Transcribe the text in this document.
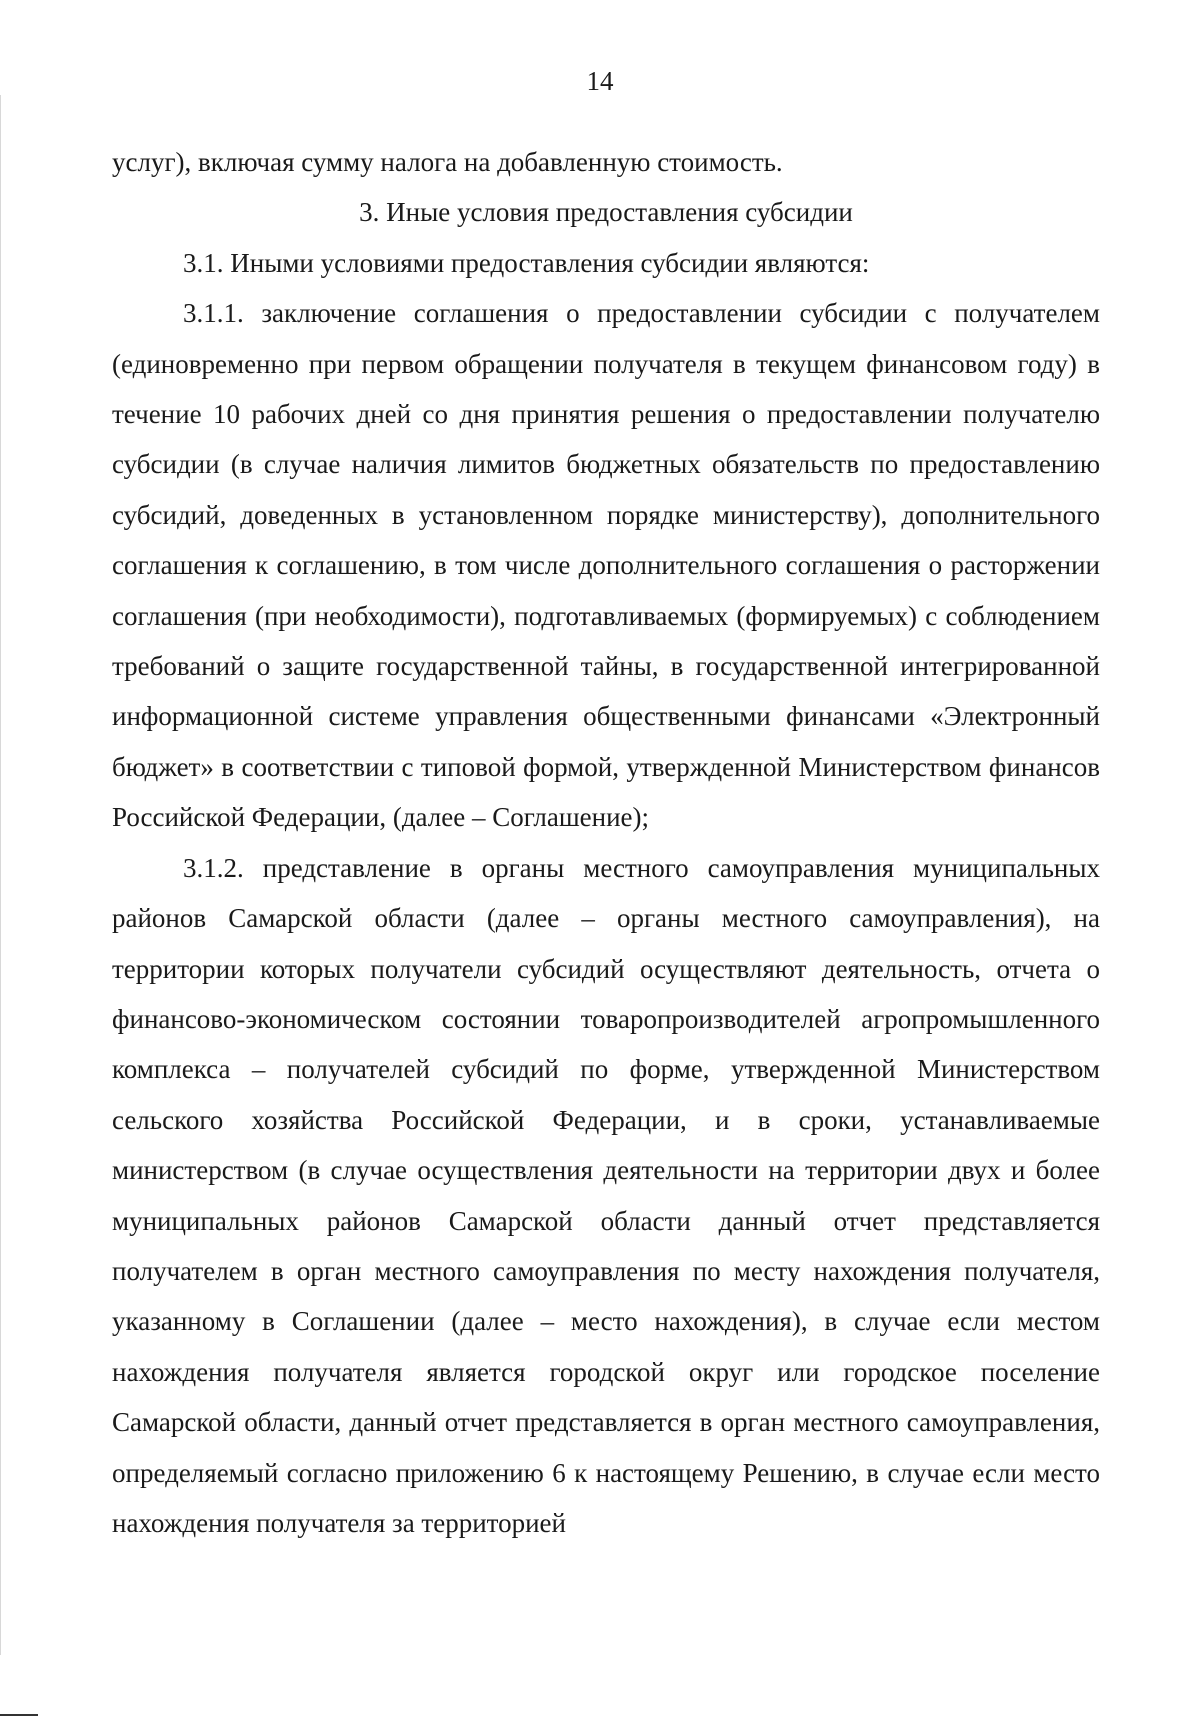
14

услуг), включая сумму налога на добавленную стоимость.

3. Иные условия предоставления субсидии

3.1. Иными условиями предоставления субсидии являются:

3.1.1. заключение соглашения о предоставлении субсидии с получателем (единовременно при первом обращении получателя в текущем финансовом году) в течение 10 рабочих дней со дня принятия решения о предоставлении получателю субсидии (в случае наличия лимитов бюджетных обязательств по предоставлению субсидий, доведенных в установленном порядке министерству), дополнительного соглашения к соглашению, в том числе дополнительного соглашения о расторжении соглашения (при необходимости), подготавливаемых (формируемых) с соблюдением требований о защите государственной тайны, в государственной интегрированной информационной системе управления общественными финансами «Электронный бюджет» в соответствии с типовой формой, утвержденной Министерством финансов Российской Федерации, (далее – Соглашение);

3.1.2. представление в органы местного самоуправления муниципальных районов Самарской области (далее – органы местного самоуправления), на территории которых получатели субсидий осуществляют деятельность, отчета о финансово-экономическом состоянии товаропроизводителей агропромышленного комплекса – получателей субсидий по форме, утвержденной Министерством сельского хозяйства Российской Федерации, и в сроки, устанавливаемые министерством (в случае осуществления деятельности на территории двух и более муниципальных районов Самарской области данный отчет представляется получателем в орган местного самоуправления по месту нахождения получателя, указанному в Соглашении (далее – место нахождения), в случае если местом нахождения получателя является городской округ или городское поселение Самарской области, данный отчет представляется в орган местного самоуправления, определяемый согласно приложению 6 к настоящему Решению, в случае если место нахождения получателя за территорией
